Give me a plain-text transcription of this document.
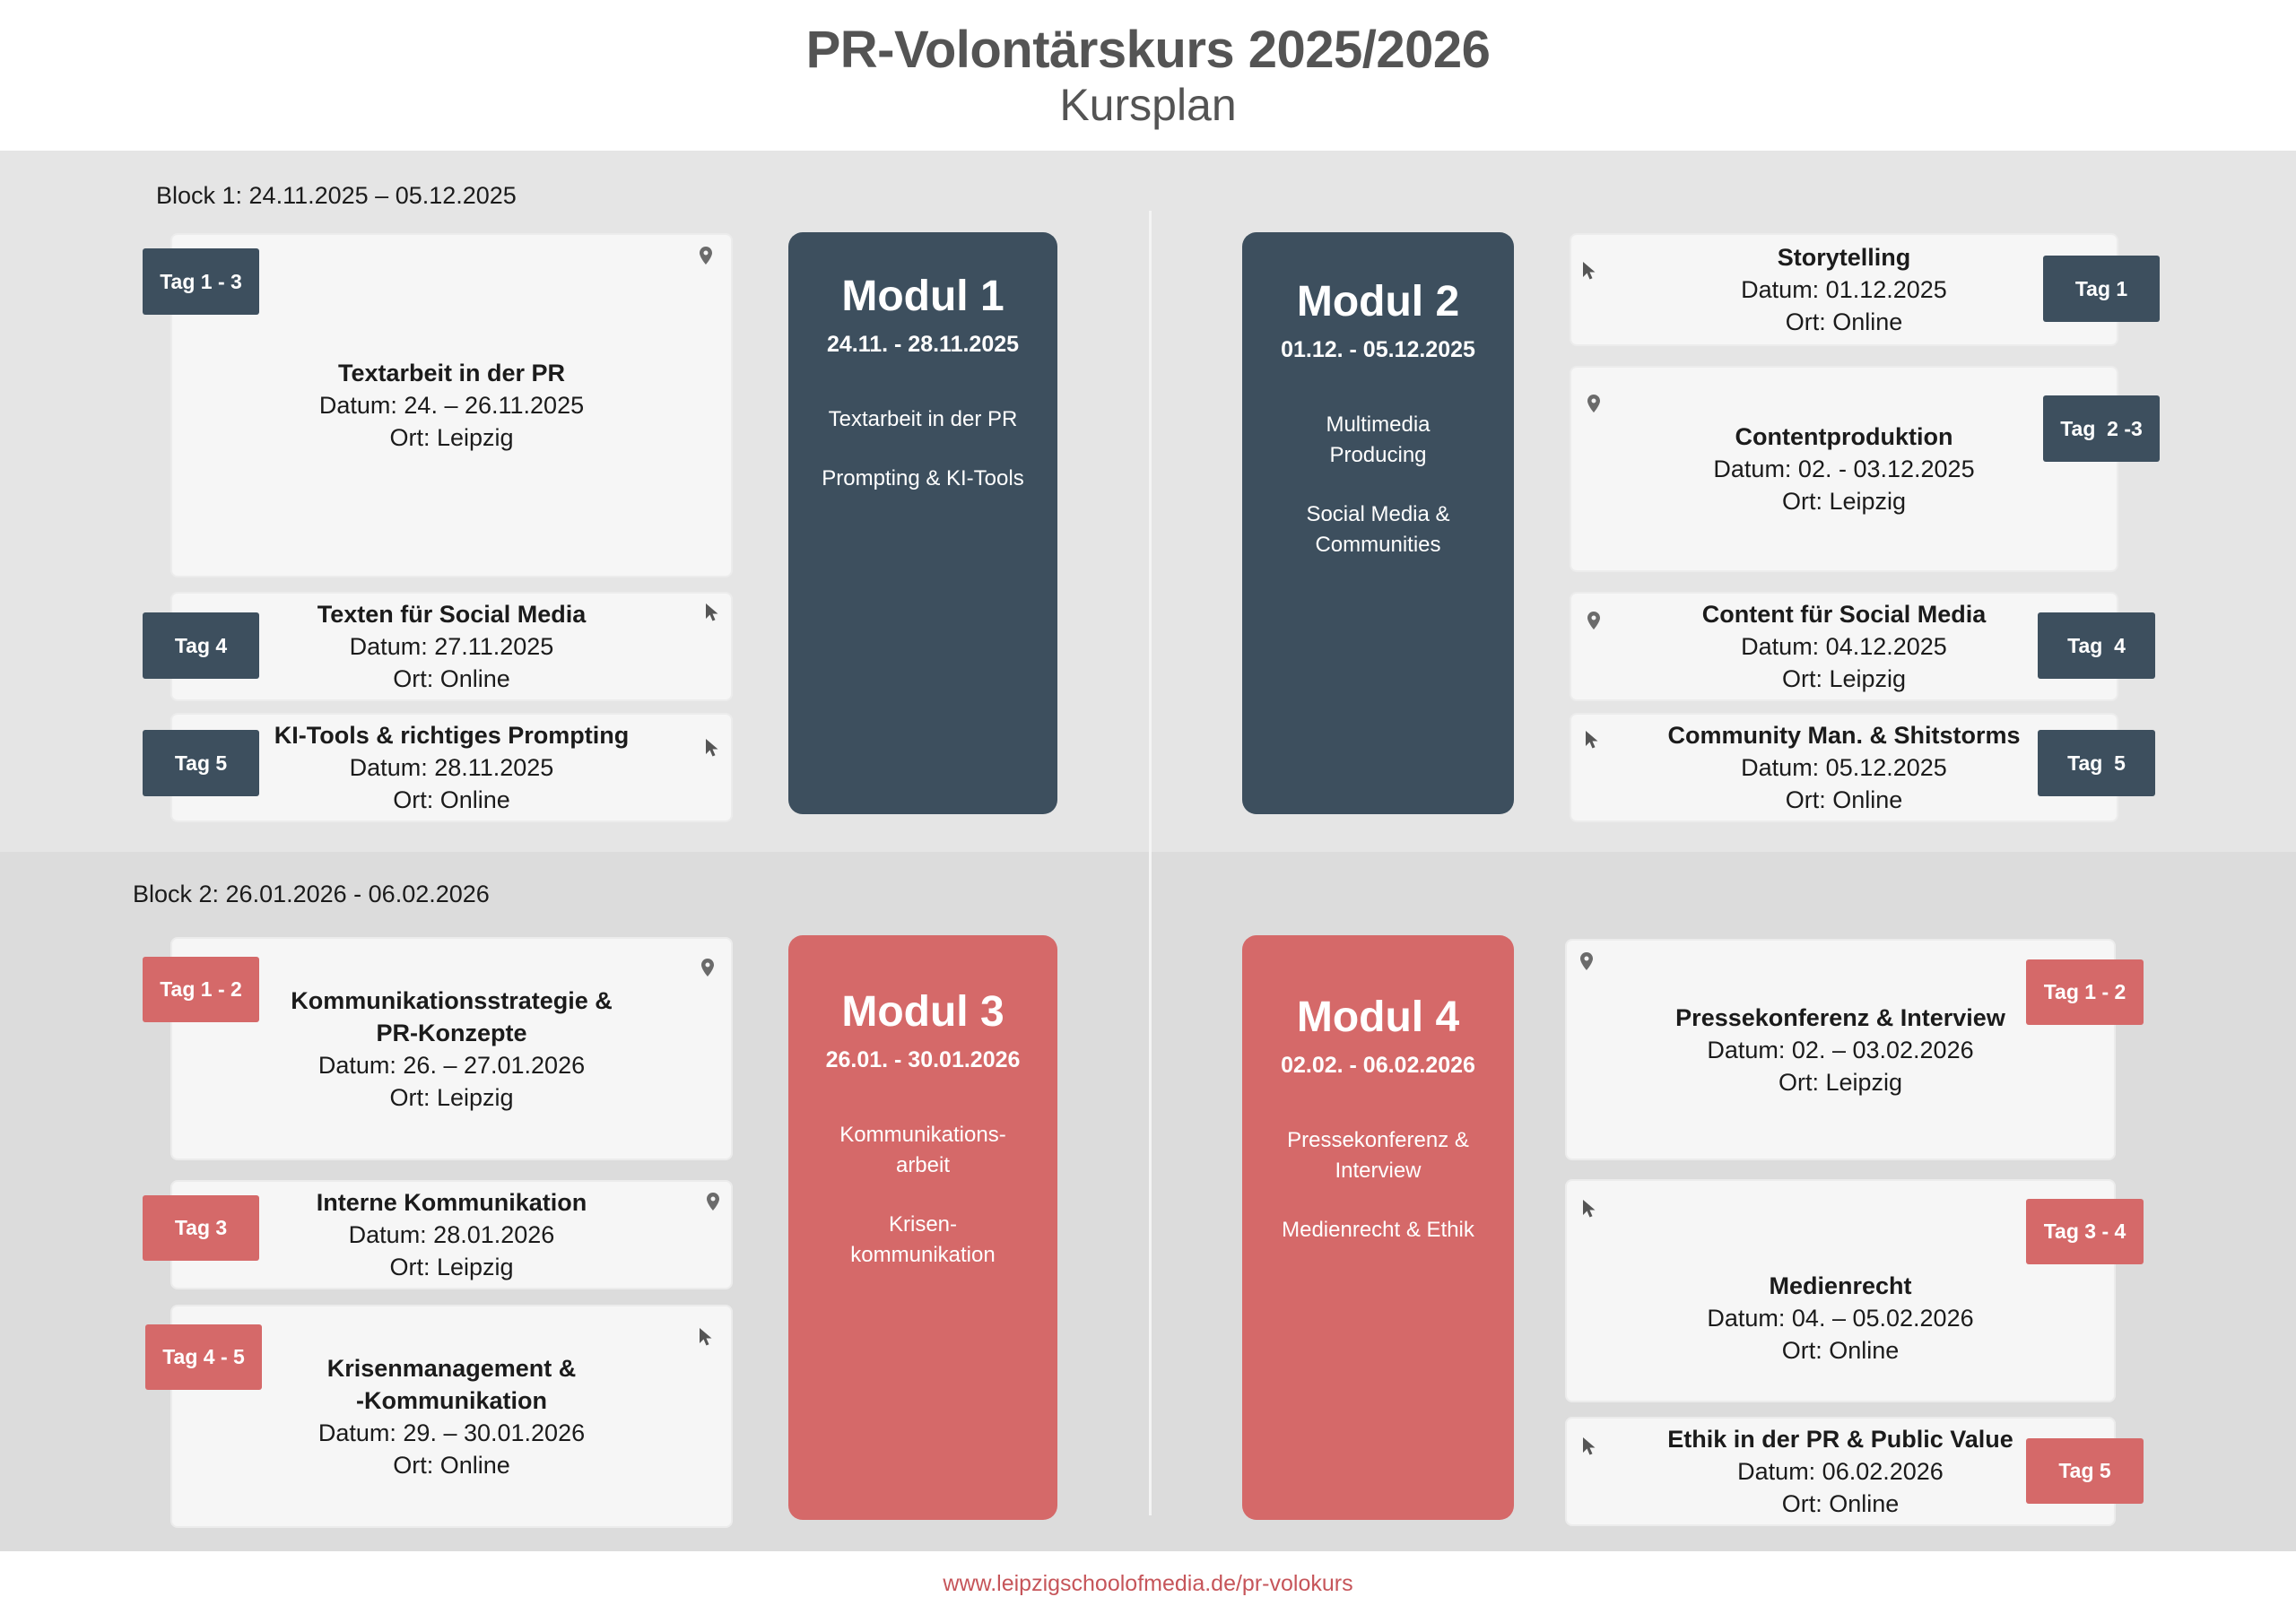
PR-Volontärskurs 2025/2026
Kursplan
Block 1: 24.11.2025 – 05.12.2025
Block 2: 26.01.2026 - 06.02.2026
Modul 1
24.11. - 28.11.2025
Textarbeit in der PR
Prompting & KI-Tools
Modul 2
01.12. - 05.12.2025
Multimedia
Producing
Social Media &
Communities
Modul 3
26.01. - 30.01.2026
Kommunikations-
arbeit
Krisen-
kommunikation
Modul 4
02.02. - 06.02.2026
Pressekonferenz &
Interview
Medienrecht & Ethik
Textarbeit in der PR
Datum: 24. – 26.11.2025
Ort: Leipzig
Texten für Social Media
Datum: 27.11.2025
Ort: Online
KI-Tools & richtiges Prompting
Datum: 28.11.2025
Ort: Online
Storytelling
Datum: 01.12.2025
Ort: Online
Contentproduktion
Datum: 02. - 03.12.2025
Ort: Leipzig
Content für Social Media
Datum: 04.12.2025
Ort: Leipzig
Community Man. & Shitstorms
Datum: 05.12.2025
Ort: Online
Kommunikationsstrategie &
PR-Konzepte
Datum: 26. – 27.01.2026
Ort: Leipzig
Interne Kommunikation
Datum: 28.01.2026
Ort: Leipzig
Krisenmanagement &
-Kommunikation
Datum: 29. – 30.01.2026
Ort: Online
Pressekonferenz & Interview
Datum: 02. – 03.02.2026
Ort: Leipzig
Medienrecht
Datum: 04. – 05.02.2026
Ort: Online
Ethik in der PR & Public Value
Datum: 06.02.2026
Ort: Online
Tag 1 - 3
Tag 4
Tag 5
Tag 1
Tag  2 -3
Tag  4
Tag  5
Tag 1 - 2
Tag 3
Tag 4 - 5
Tag 1 - 2
Tag 3 - 4
Tag 5
www.leipzigschoolofmedia.de/pr-volokurs
